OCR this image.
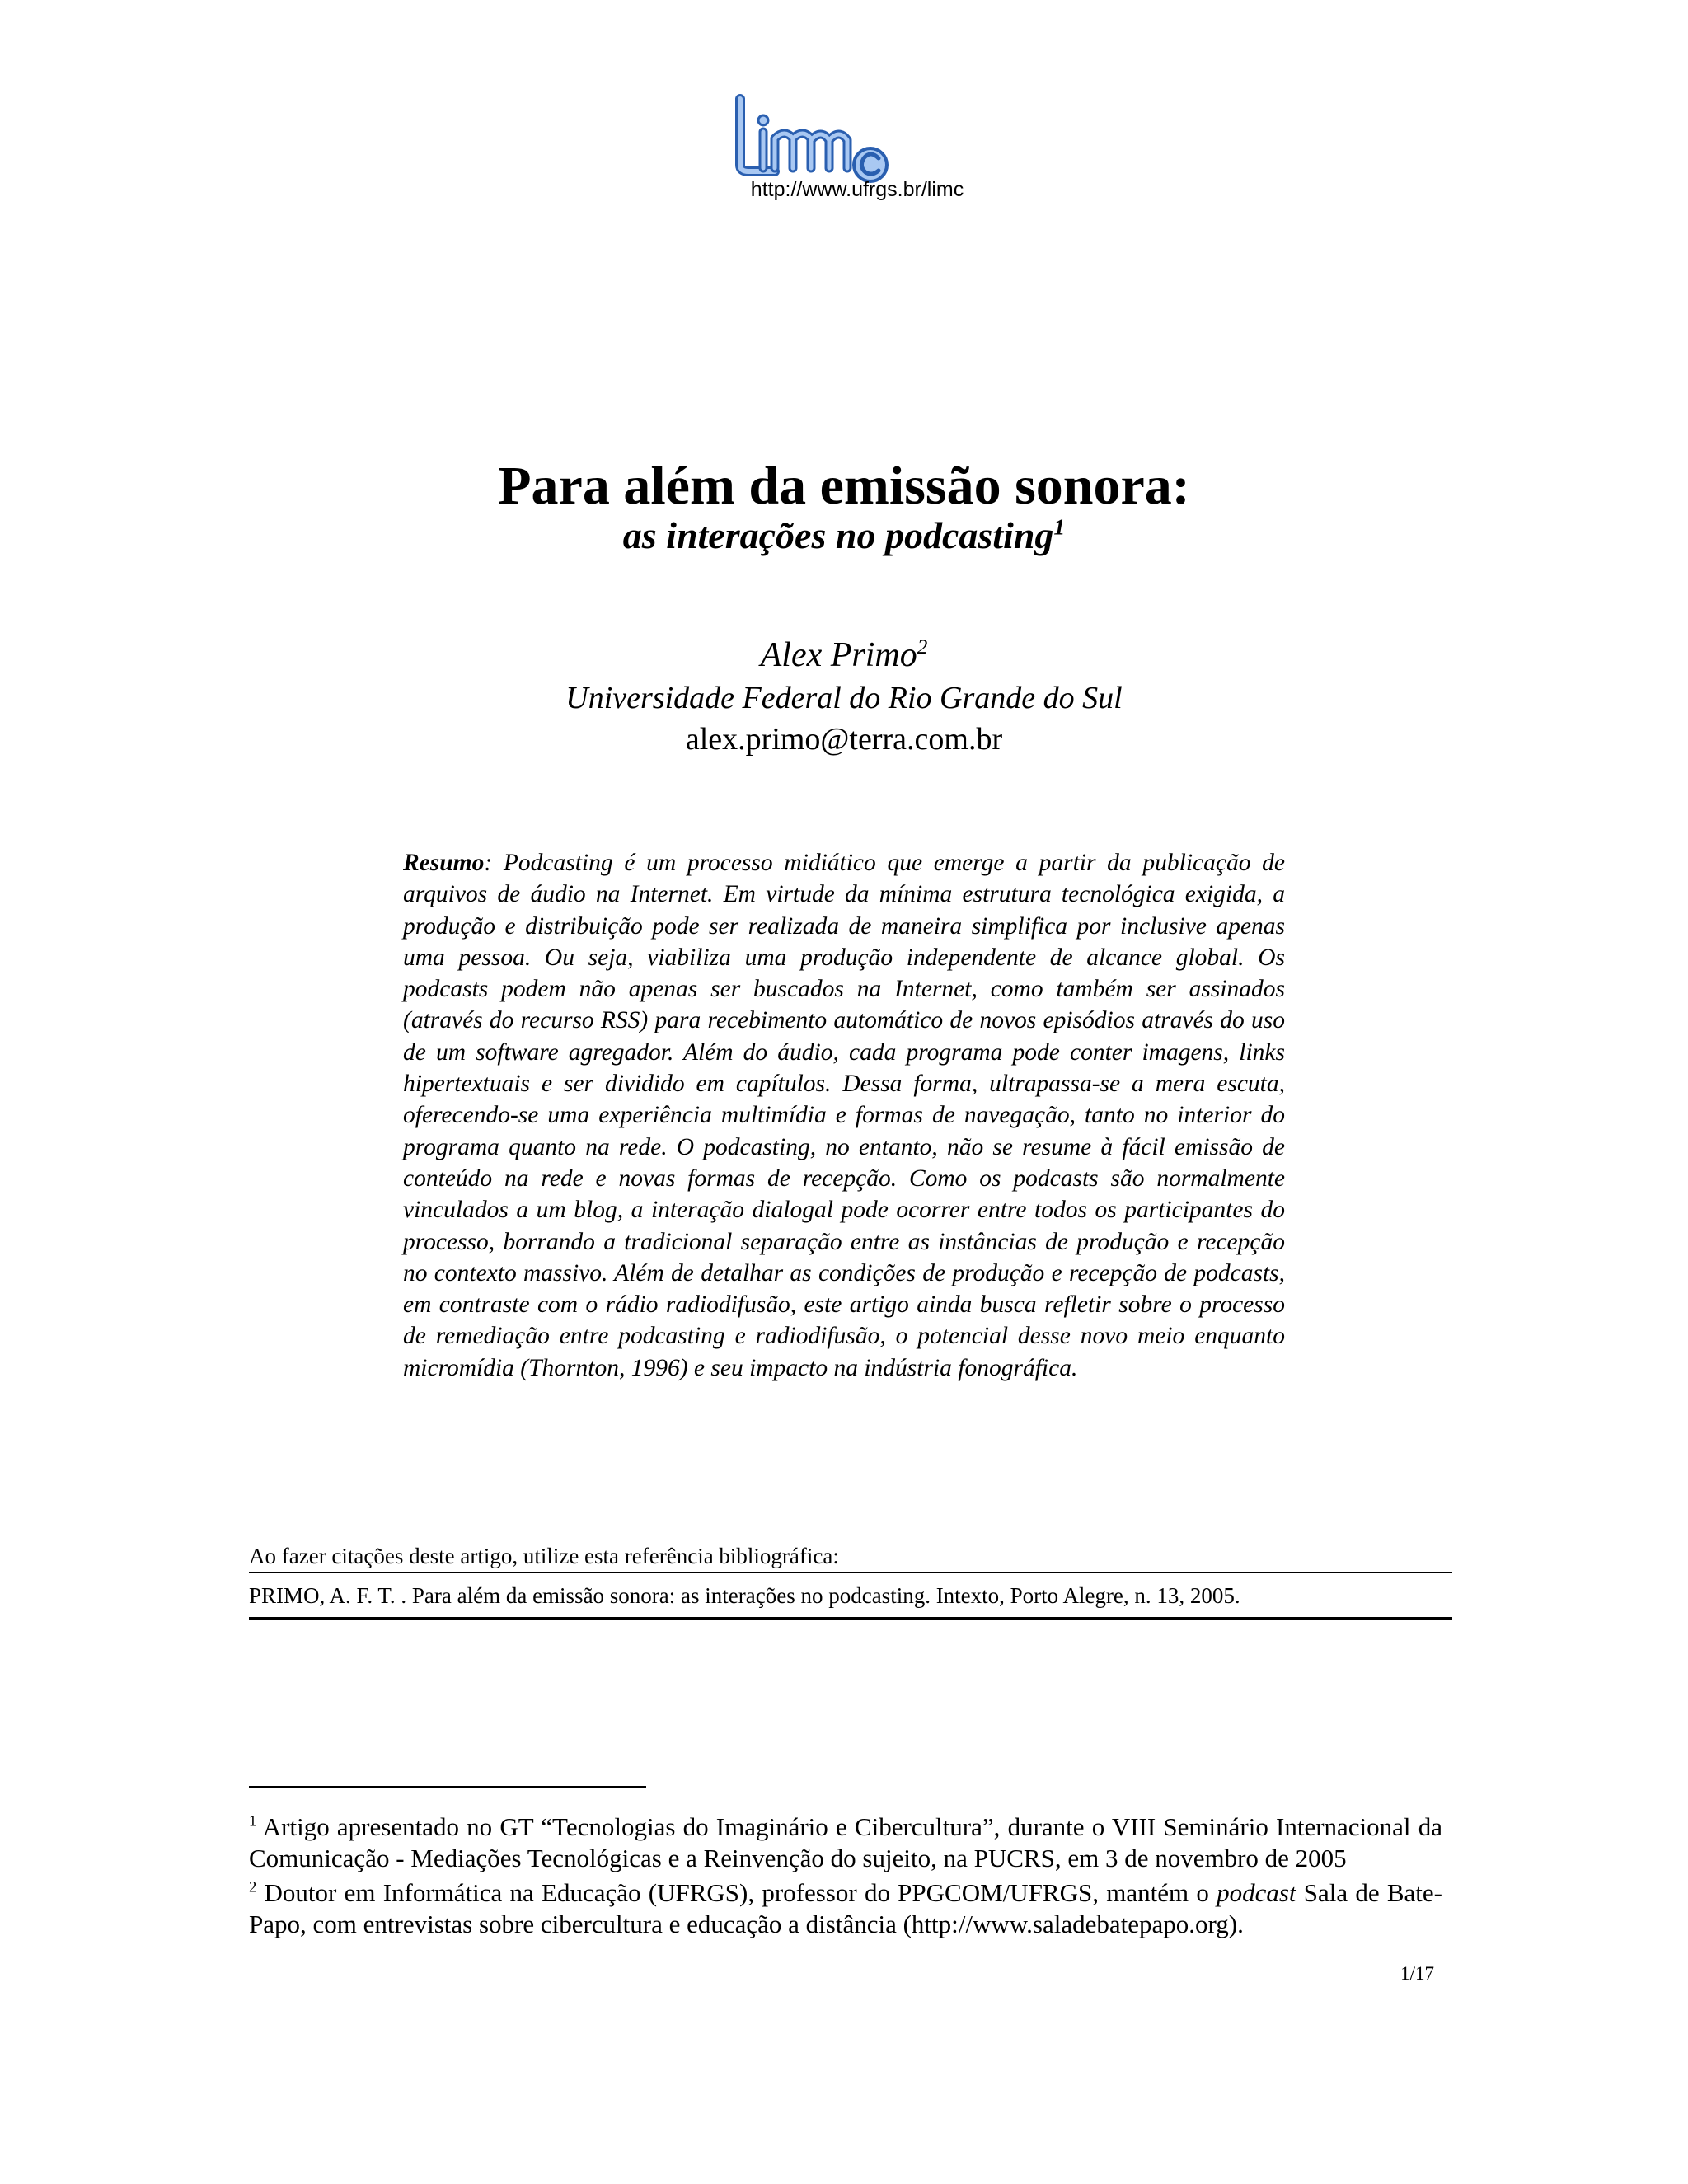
http://www.ufrgs.br/limc
Para além da emissão sonora:
as interações no podcasting$^1$
Alex Primo$^2$
Universidade Federal do Rio Grande do Sul
alex.primo@terra.com.br
Resumo: Podcasting é um processo midiático que emerge a partir da publicação de arquivos de áudio na Internet. Em virtude da mínima estrutura tecnológica exigida, a produção e distribuição pode ser realizada de maneira simplifica por inclusive apenas uma pessoa. Ou seja, viabiliza uma produção independente de alcance global. Os podcasts podem não apenas ser buscados na Internet, como também ser assinados (através do recurso RSS) para recebimento automático de novos episódios através do uso de um software agregador. Além do áudio, cada programa pode conter imagens, links hipertextuais e ser dividido em capítulos. Dessa forma, ultrapassa-se a mera escuta, oferecendo-se uma experiência multimídia e formas de navegação, tanto no interior do programa quanto na rede. O podcasting, no entanto, não se resume à fácil emissão de conteúdo na rede e novas formas de recepção. Como os podcasts são normalmente vinculados a um blog, a interação dialogal pode ocorrer entre todos os participantes do processo, borrando a tradicional separação entre as instâncias de produção e recepção no contexto massivo. Além de detalhar as condições de produção e recepção de podcasts, em contraste com o rádio radiodifusão, este artigo ainda busca refletir sobre o processo de remediação entre podcasting e radiodifusão, o potencial desse novo meio enquanto micromídia (Thornton, 1996) e seu impacto na indústria fonográfica.
Ao fazer citações deste artigo, utilize esta referência bibliográfica:
PRIMO, A. F. T. . Para além da emissão sonora: as interações no podcasting. Intexto, Porto Alegre, n. 13, 2005.
$^1$ Artigo apresentado no GT “Tecnologias do Imaginário e Cibercultura”, durante o VIII Seminário Internacional da Comunicação - Mediações Tecnológicas e a Reinvenção do sujeito, na PUCRS, em 3 de novembro de 2005
$^2$ Doutor em Informática na Educação (UFRGS), professor do PPGCOM/UFRGS, mantém o podcast Sala de Bate-Papo, com entrevistas sobre cibercultura e educação a distância (http://www.saladebatepapo.org).
1/17
